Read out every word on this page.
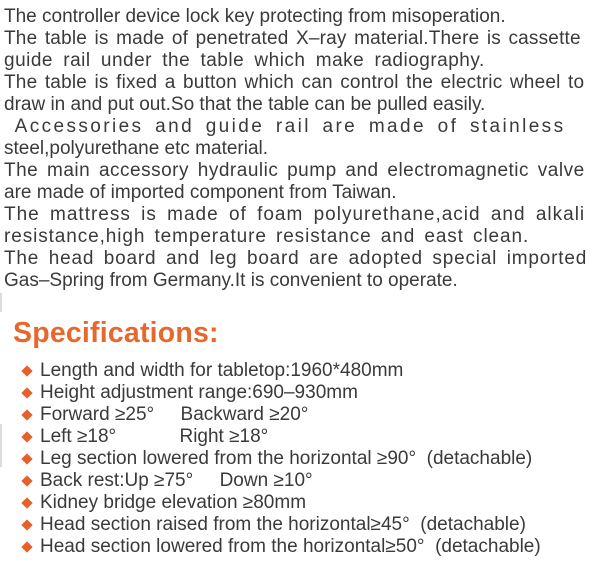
The controller device lock key protecting from misoperation.
The table is made of penetrated X–ray material.There is cassette
guide rail under the table which make radiography.
The table is fixed a button which can control the electric wheel to
draw in and put out.So that the table can be pulled easily.
Accessories and guide rail are made of stainless
steel,polyurethane etc material.
The main accessory hydraulic pump and electromagnetic valve
are made of imported component from Taiwan.
The mattress is made of foam polyurethane,acid and alkali
resistance,high temperature resistance and east clean.
The head board and leg board are adopted special imported
Gas–Spring from Germany.It is convenient to operate.
Specifications:
Length and width for tabletop:1960*480mm
Height adjustment range:690–930mm
Forward ≥25°     Backward ≥20°
Left ≥18°            Right ≥18°
Leg section lowered from the horizontal ≥90°  (detachable)
Back rest:Up ≥75°     Down ≥10°
Kidney bridge elevation ≥80mm
Head section raised from the horizontal≥45°  (detachable)
Head section lowered from the horizontal≥50°  (detachable)
